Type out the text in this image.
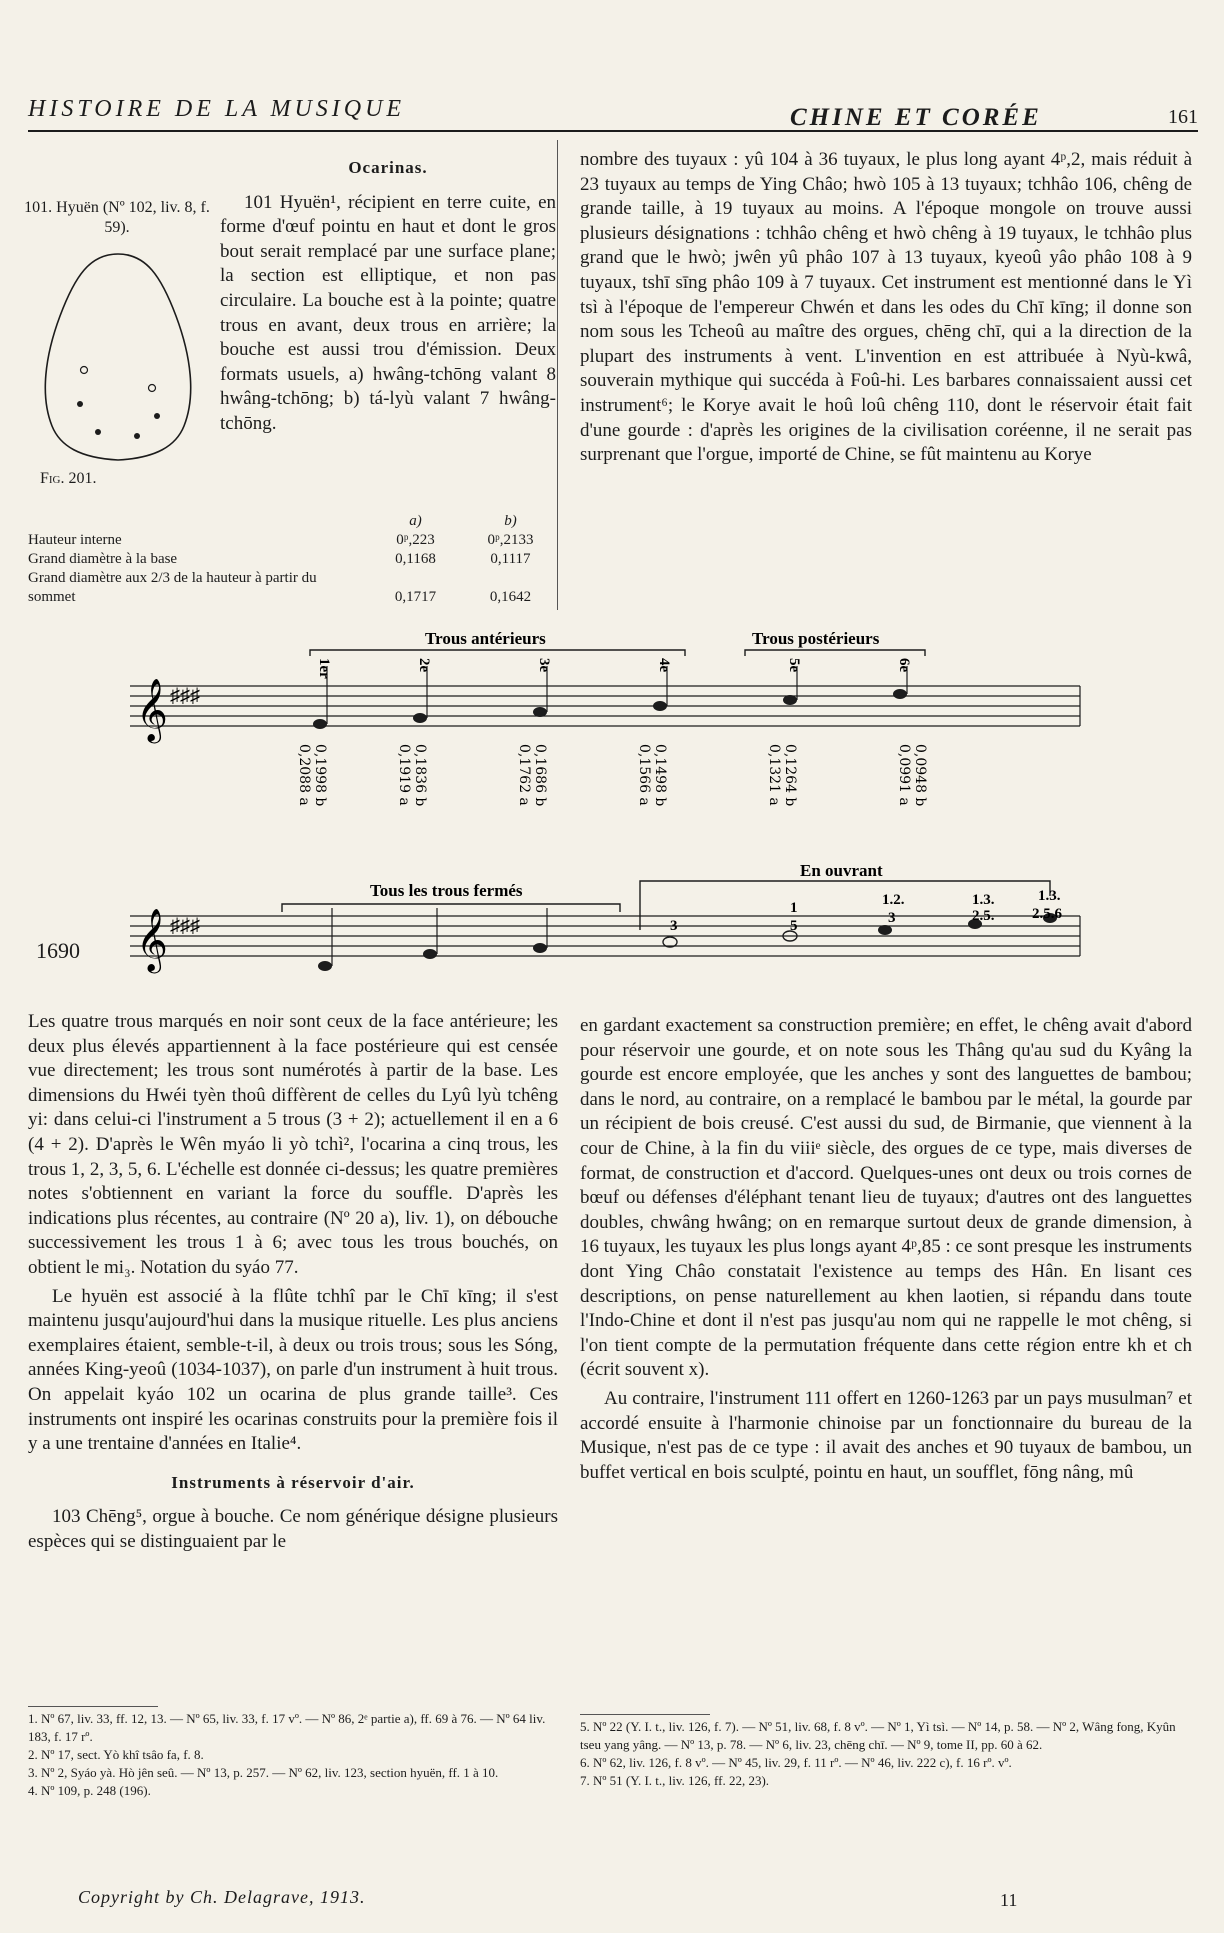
HISTOIRE DE LA MUSIQUE	CHINE ET CORÉE	161
Ocarinas.

101 Hyuën¹, récipient en terre cuite, en forme d'œuf pointu en haut et dont le gros bout serait remplacé par une surface plane; la section est elliptique, et non pas circulaire. La bouche est à la pointe; quatre trous en avant, deux trous en arrière; la bouche est aussi trou d'émission. Deux formats usuels, a) hwâng-tchōng valant 8 hwâng-tchōng; b) tá-lyù valant 7 hwâng-tchōng.

101. Hyuën (Nº 102, liv. 8, f. 59).
Fig. 201.
	a)	b)
Hauteur interne	0ᵖ,223	0ᵖ,2133
Grand diamètre à la base	0,1168	0,1117
Grand diamètre aux 2/3 de la hauteur à partir du sommet	0,1717	0,1642

nombre des tuyaux : yû 104 à 36 tuyaux, le plus long ayant 4ᵖ,2, mais réduit à 23 tuyaux au temps de Ying Châo; hwò 105 à 13 tuyaux; tchhâo 106, chêng de grande taille, à 19 tuyaux au moins. A l'époque mongole on trouve aussi plusieurs désignations : tchhâo chêng et hwò chêng à 19 tuyaux, le tchhâo plus grand que le hwò; jwên yû phâo 107 à 13 tuyaux, kyeoû yâo phâo 108 à 9 tuyaux, tshī sīng phâo 109 à 7 tuyaux. Cet instrument est mentionné dans le Yì tsì à l'époque de l'empereur Chwén et dans les odes du Chī kīng; il donne son nom sous les Tcheoû au maître des orgues, chēng chī, qui a la direction de la plupart des instruments à vent. L'invention en est attribuée à Nyù-kwâ, souverain mythique qui succéda à Foû-hi. Les barbares connaissaient aussi cet instrument⁶; le Korye avait le hoû loû chêng 110, dont le réservoir était fait d'une gourde : d'après les origines de la civilisation coréenne, il ne serait pas surprenant que l'orgue, importé de Chine, se fût maintenu au Korye

𝄞 ♯♯♯
Trous antérieurs	Trous postérieurs
1er	2e	3e	4e	5e	6e
0,1998 b
0,2088 a	0,1836 b
0,1919 a	0,1686 b
0,1762 a	0,1498 b
0,1566 a	0,1264 b
0,1321 a	0,0948 b
0,0991 a
𝄞 ♯♯♯
Tous les trous fermés
En ouvrant
3
1
5
1.2.
3
1.3.
2.5.
1.3.
2.5.6
1690

Les quatre trous marqués en noir sont ceux de la face antérieure; les deux plus élevés appartiennent à la face postérieure qui est censée vue directement; les trous sont numérotés à partir de la base. Les dimensions du Hwéi tyèn thoû diffèrent de celles du Lyû lyù tchêng yi: dans celui-ci l'instrument a 5 trous (3 + 2); actuellement il en a 6 (4 + 2). D'après le Wên myáo li yò tchì², l'ocarina a cinq trous, les trous 1, 2, 3, 5, 6. L'échelle est donnée ci-dessus; les quatre premières notes s'obtiennent en variant la force du souffle. D'après les indications plus récentes, au contraire (Nº 20 a), liv. 1), on débouche successivement les trous 1 à 6; avec tous les trous bouchés, on obtient le mi₃. Notation du syáo 77.

Le hyuën est associé à la flûte tchhî par le Chī kīng; il s'est maintenu jusqu'aujourd'hui dans la musique rituelle. Les plus anciens exemplaires étaient, semble-t-il, à deux ou trois trous; sous les Sóng, années King-yeoû (1034-1037), on parle d'un instrument à huit trous. On appelait kyáo 102 un ocarina de plus grande taille³. Ces instruments ont inspiré les ocarinas construits pour la première fois il y a une trentaine d'années en Italie⁴.

Instruments à réservoir d'air.

103 Chēng⁵, orgue à bouche. Ce nom générique désigne plusieurs espèces qui se distinguaient par le

en gardant exactement sa construction première; en effet, le chêng avait d'abord pour réservoir une gourde, et on note sous les Thâng qu'au sud du Kyâng la gourde est encore employée, que les anches y sont des languettes de bambou; dans le nord, au contraire, on a remplacé le bambou par le métal, la gourde par un récipient de bois creusé. C'est aussi du sud, de Birmanie, que viennent à la cour de Chine, à la fin du viiiᵉ siècle, des orgues de ce type, mais diverses de format, de construction et d'accord. Quelques-unes ont deux ou trois cornes de bœuf ou défenses d'éléphant tenant lieu de tuyaux; d'autres ont des languettes doubles, chwâng hwâng; on en remarque surtout deux de grande dimension, à 16 tuyaux, les tuyaux les plus longs ayant 4ᵖ,85 : ce sont presque les instruments dont Ying Châo constatait l'existence au temps des Hân. En lisant ces descriptions, on pense naturellement au khen laotien, si répandu dans toute l'Indo-Chine et dont il n'est pas jusqu'au nom qui ne rappelle le mot chêng, si l'on tient compte de la permutation fréquente dans cette région entre kh et ch (écrit souvent x).

Au contraire, l'instrument 111 offert en 1260-1263 par un pays musulman⁷ et accordé ensuite à l'harmonie chinoise par un fonctionnaire du bureau de la Musique, n'est pas de ce type : il avait des anches et 90 tuyaux de bambou, un buffet vertical en bois sculpté, pointu en haut, un soufflet, fōng nâng, mû

1. Nº 67, liv. 33, ff. 12, 13. — Nº 65, liv. 33, f. 17 vº. — Nº 86, 2ᵉ partie a), ff. 69 à 76. — Nº 64 liv. 183, f. 17 rº.
2. Nº 17, sect. Yò khî tsâo fa, f. 8.
3. Nº 2, Syáo yà. Hò jên seû. — Nº 13, p. 257. — Nº 62, liv. 123, section hyuën, ff. 1 à 10.
4. Nº 109, p. 248 (196).
5. Nº 22 (Y. I. t., liv. 126, f. 7). — Nº 51, liv. 68, f. 8 vº. — Nº 1, Yì tsì. — Nº 14, p. 58. — Nº 2, Wâng fong, Kyûn tseu yang yâng. — Nº 13, p. 78. — Nº 6, liv. 23, chēng chī. — Nº 9, tome II, pp. 60 à 62.
6. Nº 62, liv. 126, f. 8 vº. — Nº 45, liv. 29, f. 11 rº. — Nº 46, liv. 222 c), f. 16 rº. vº.
7. Nº 51 (Y. I. t., liv. 126, ff. 22, 23).
Copyright by Ch. Delagrave, 1913.	11
